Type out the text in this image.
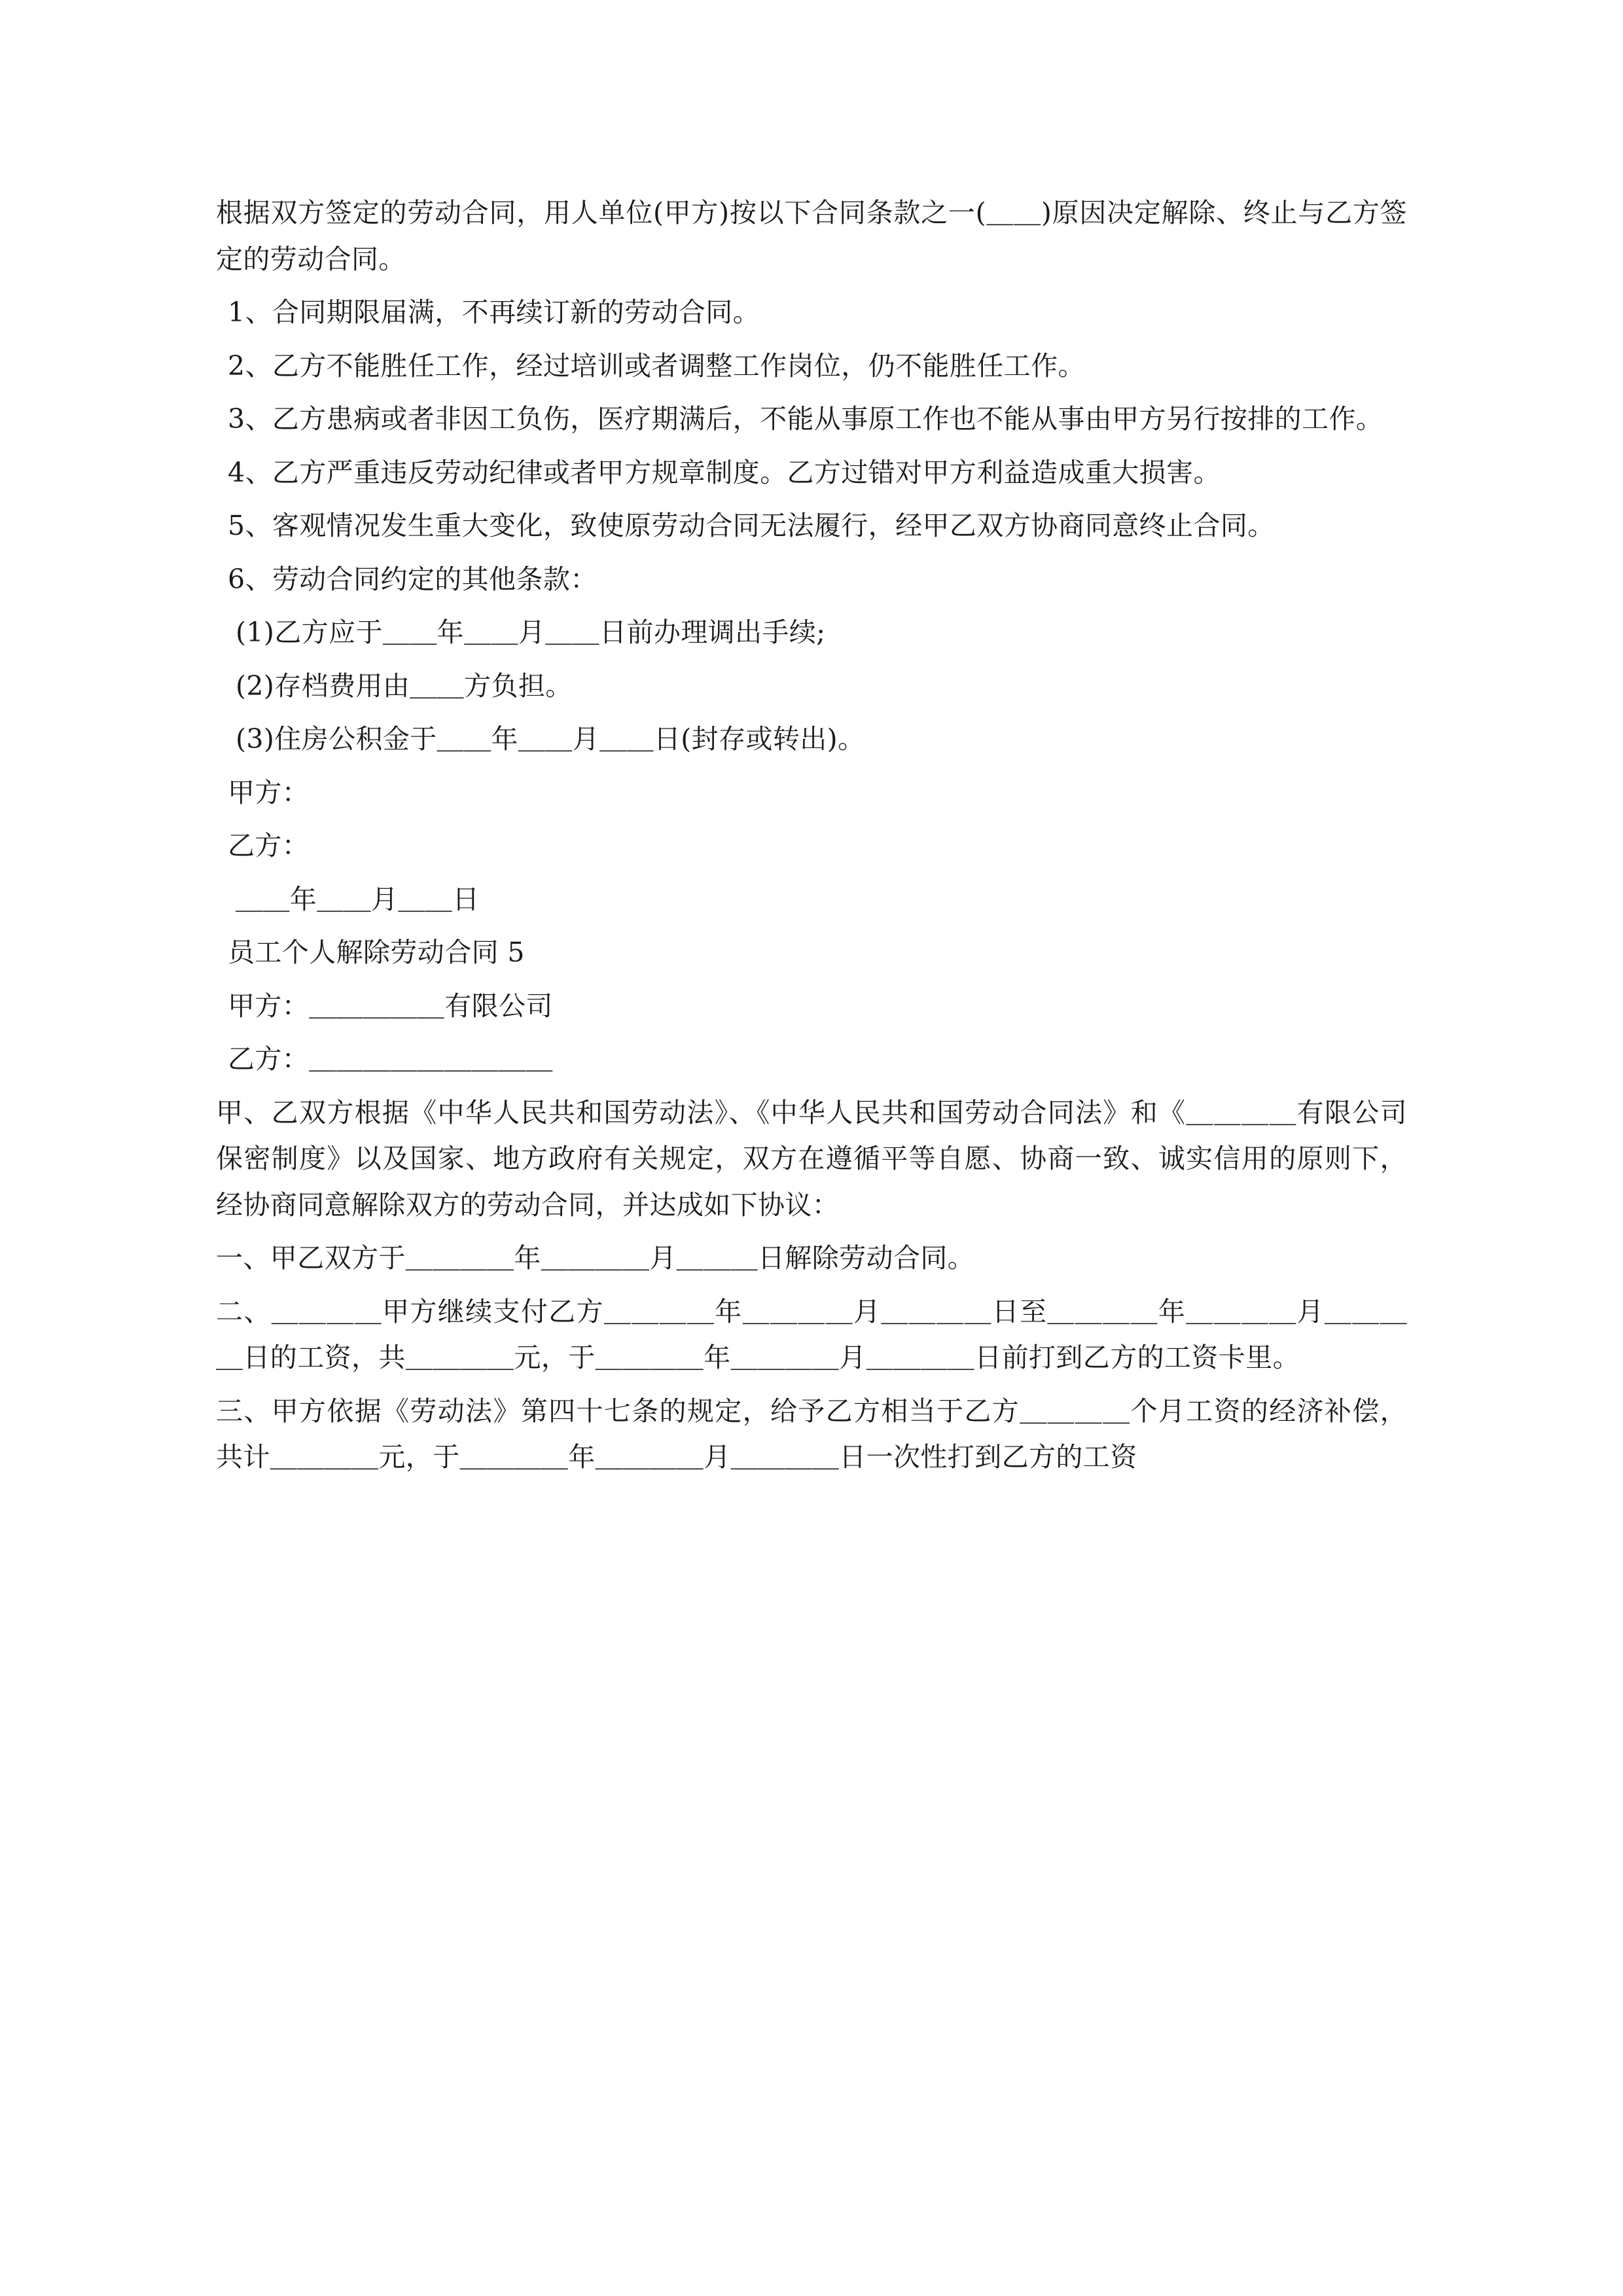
根据双方签定的劳动合同，用人单位(甲方)按以下合同条款之一(＿＿)原因决定解除、终止与乙方签定的劳动合同。

1、合同期限届满，不再续订新的劳动合同。

2、乙方不能胜任工作，经过培训或者调整工作岗位，仍不能胜任工作。

3、乙方患病或者非因工负伤，医疗期满后，不能从事原工作也不能从事由甲方另行按排的工作。

4、乙方严重违反劳动纪律或者甲方规章制度。乙方过错对甲方利益造成重大损害。

5、客观情况发生重大变化，致使原劳动合同无法履行，经甲乙双方协商同意终止合同。

6、劳动合同约定的其他条款：

(1)乙方应于＿＿年＿＿月＿＿日前办理调出手续;

(2)存档费用由＿＿方负担。

(3)住房公积金于＿＿年＿＿月＿＿日(封存或转出)。

甲方：

乙方：

＿＿年＿＿月＿＿日

员工个人解除劳动合同 5

甲方：＿＿＿＿＿有限公司

乙方：＿＿＿＿＿＿＿＿＿

甲、乙双方根据《中华人民共和国劳动法》、《中华人民共和国劳动合同法》和《＿＿＿＿有限公司保密制度》以及国家、地方政府有关规定，双方在遵循平等自愿、协商一致、诚实信用的原则下，经协商同意解除双方的劳动合同，并达成如下协议：

一、甲乙双方于＿＿＿＿年＿＿＿＿月＿＿＿日解除劳动合同。

二、＿＿＿＿甲方继续支付乙方＿＿＿＿年＿＿＿＿月＿＿＿＿日至＿＿＿＿年＿＿＿＿月＿＿＿＿日的工资，共＿＿＿＿元，于＿＿＿＿年＿＿＿＿月＿＿＿＿日前打到乙方的工资卡里。

三、甲方依据《劳动法》第四十七条的规定，给予乙方相当于乙方＿＿＿＿个月工资的经济补偿，共计＿＿＿＿元，于＿＿＿＿年＿＿＿＿月＿＿＿＿日一次性打到乙方的工资
